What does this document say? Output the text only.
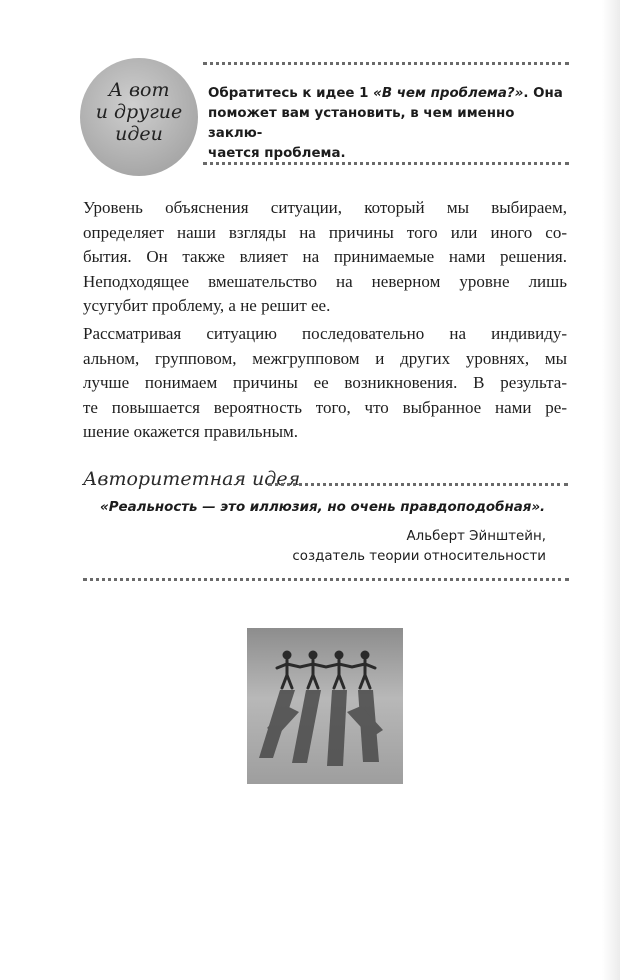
А вот
и другие
идеи
Обратитесь к идее 1 «В чем проблема?». Она
поможет вам установить, в чем именно заклю-
чается проблема.
Уровень объяснения ситуации, который мы выбираем,
определяет наши взгляды на причины того или иного со-
бытия. Он также влияет на принимаемые нами решения.
Неподходящее вмешательство на неверном уровне лишь
усугубит проблему, а не решит ее.
Рассматривая ситуацию последовательно на индивиду-
альном, групповом, межгрупповом и других уровнях, мы
лучше понимаем причины ее возникновения. В результа-
те повышается вероятность того, что выбранное нами ре-
шение окажется правильным.
Авторитетная идея
«Реальность — это иллюзия, но очень правдоподобная».
Альберт Эйнштейн,
создатель теории относительности
